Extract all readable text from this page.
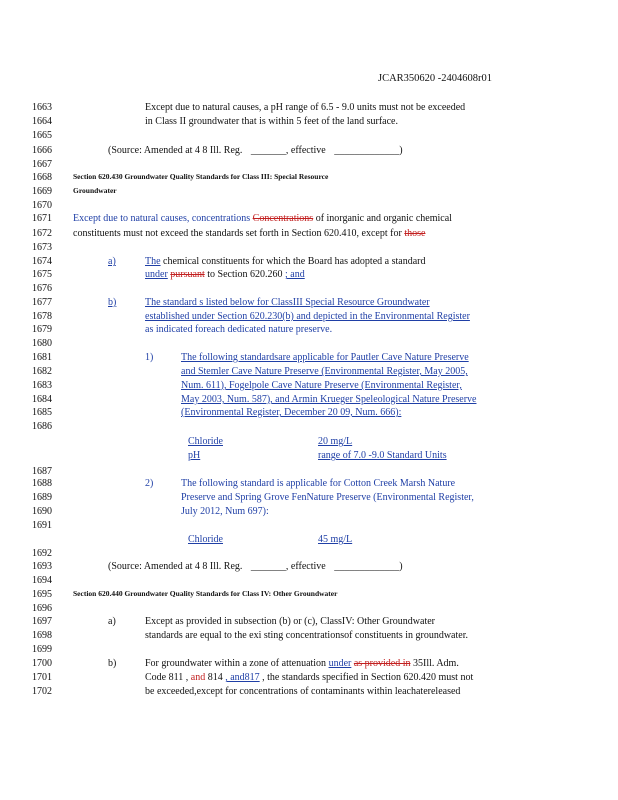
JCAR350620 -2404608r01
1663
1664
1665
1666
1667
1668
1669
1670
1671
1672
1673
1674
1675
1676
1677
1678
1679
1680
1681
1682
1683
1684
1685
1686
1687
1688
1689
1690
1691
1692
1693
1694
1695
1696
1697
1698
1699
1700
1701
1702
Except due to natural causes, a pH range of 6.5 - 9.0 units must not be exceeded
in Class II groundwater that is within 5 feet of the land surface.
(Source: Amended at 4 8 Ill. Reg. _______, effective _____________)
Section 620.430 Groundwater Quality Standards for Class III: Special Resource
Groundwater
Except due to natural causes, concentrations Concentrations of inorganic and organic chemical
constituents must not exceed the standards set forth in Section 620.410, except for those
a)	The chemical constituents for which the Board has adopted a standard
under pursuant to Section 620.260 ; and
b)	The standard s listed below for ClassIII Special Resource Groundwater
established under Section 620.230(b) and depicted in the Environmental Register
as indicated foreach dedicated nature preserve.
1)	The following standardsare applicable for Pautler Cave Nature Preserve
and Stemler Cave Nature Preserve (Environmental Register, May 2005,
Num. 611), Fogelpole Cave Nature Preserve (Environmental Register,
May 2003, Num. 587), and Armin Krueger Speleological Nature Preserve
(Environmental Register, December 20 09, Num. 666):
Chloride	20 mg/L
pH	range of 7.0 -9.0 Standard Units
2)	The following standard is applicable for Cotton Creek Marsh Nature
Preserve and Spring Grove FenNature Preserve (Environmental Register,
July 2012, Num 697):
Chloride	45 mg/L
(Source: Amended at 4 8 Ill. Reg. _______, effective _____________)
Section 620.440 Groundwater Quality Standards for Class IV: Other Groundwater
a)	Except as provided in subsection (b) or (c), ClassIV: Other Groundwater
standards are equal to the exi sting concentrationsof constituents in groundwater.
b)	For groundwater within a zone of attenuation under as provided in 35Ill. Adm.
Code 811 , and 814 , and817 , the standards specified in Section 620.420 must not
be exceeded,except for concentrations of contaminants within leachatereleased
